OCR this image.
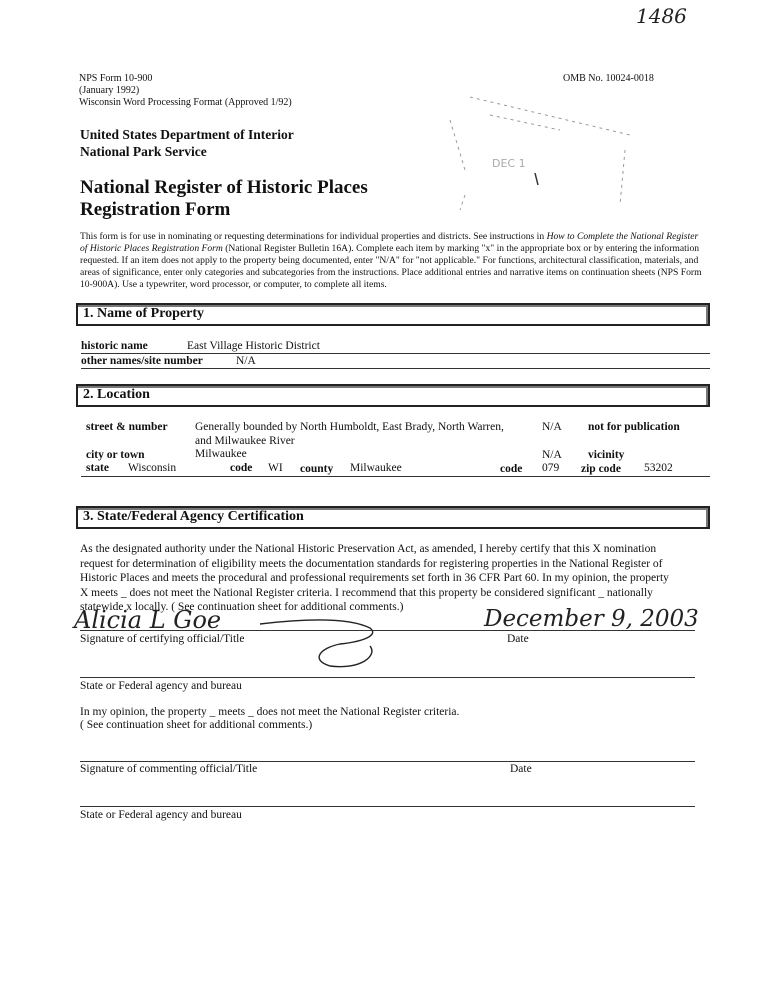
1486
NPS Form 10-900
(January 1992)
Wisconsin Word Processing Format (Approved 1/92)
OMB No. 10024-0018
DEC 1
United States Department of Interior
National Park Service
National Register of Historic Places
Registration Form
This form is for use in nominating or requesting determinations for individual properties and districts. See instructions in How to Complete the National Register of Historic Places Registration Form (National Register Bulletin 16A). Complete each item by marking "x" in the appropriate box or by entering the information requested. If an item does not apply to the property being documented, enter "N/A" for "not applicable." For functions, architectural classification, materials, and areas of significance, enter only categories and subcategories from the instructions. Place additional entries and narrative items on continuation sheets (NPS Form 10-900A). Use a typewriter, word processor, or computer, to complete all items.
1. Name of Property
historic name	East Village Historic District
other names/site number	N/A
2. Location
street & number Generally bounded by North Humboldt, East Brady, North Warren,
and Milwaukee River
N/A not for publication
city or town	Milwaukee	N/A vicinity
state Wisconsin	code WI county Milwaukee	code 079 zip code 53202
3. State/Federal Agency Certification
As the designated authority under the National Historic Preservation Act, as amended, I hereby certify that this X nomination
request for determination of eligibility meets the documentation standards for registering properties in the National Register of
Historic Places and meets the procedural and professional requirements set forth in 36 CFR Part 60. In my opinion, the property
X meets _ does not meet the National Register criteria. I recommend that this property be considered significant _ nationally
statewide x locally. ( See continuation sheet for additional comments.)
Alicia L Goe	December 9, 2003
Signature of certifying official/Title	Date
State or Federal agency and bureau
In my opinion, the property _ meets _ does not meet the National Register criteria.
( See continuation sheet for additional comments.)
Signature of commenting official/Title	Date
State or Federal agency and bureau
